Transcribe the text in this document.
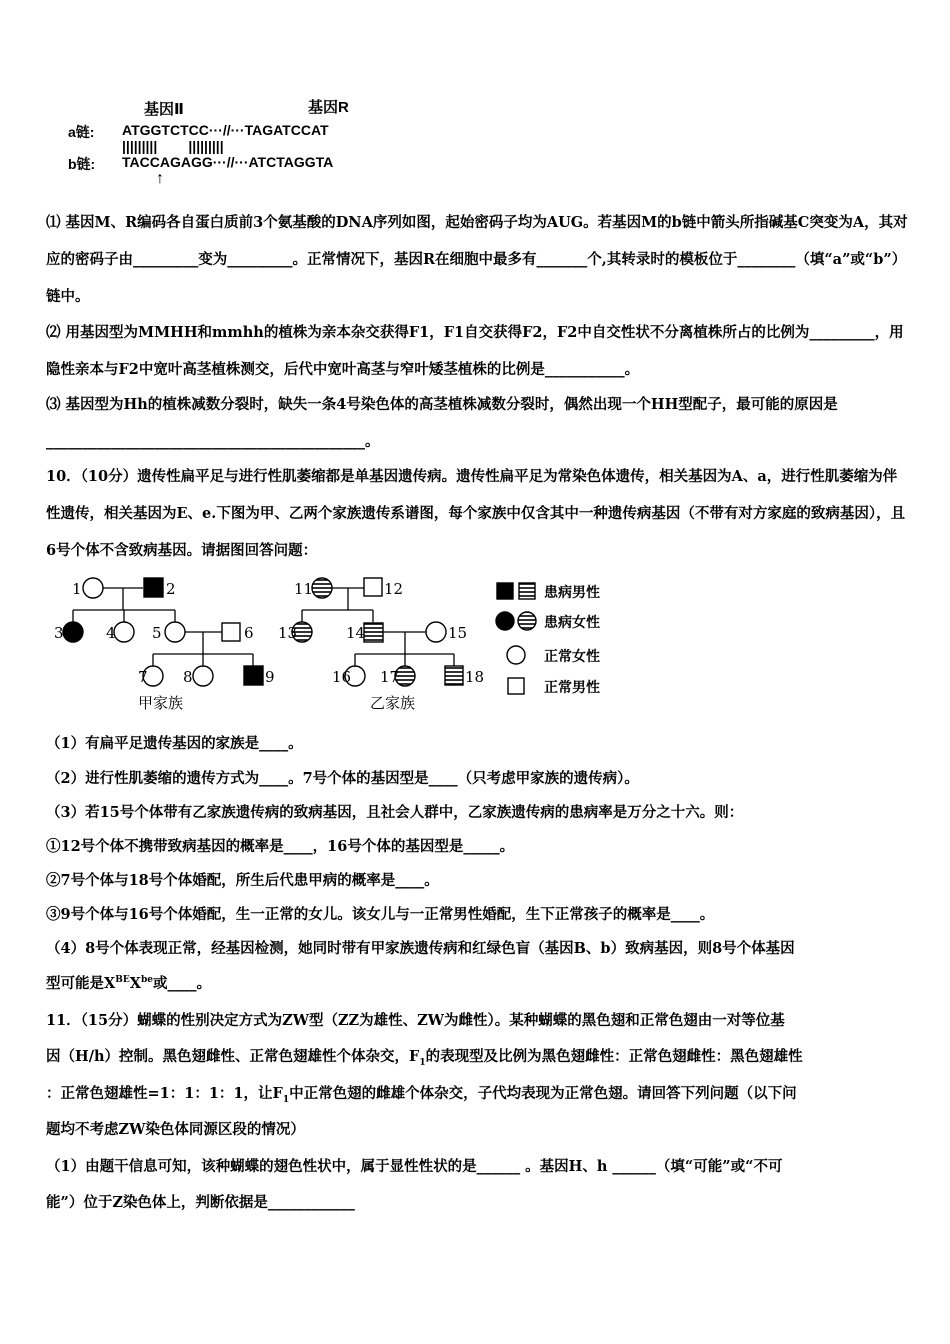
基因Ⅱ	基因R
a链: ATGGTCTCC···//···TAGATCCAT
|||||||||        |||||||||
b链: TACCAGAGG···//···ATCTAGGTA
↑
⑴ 基因M、R编码各自蛋白质前3个氨基酸的DNA序列如图，起始密码子均为AUG。若基因M的b链中箭头所指碱基C突变为A，其对应的密码子由_________变为_________。正常情况下，基因R在细胞中最多有_______个,其转录时的模板位于________（填“a”或“b”）链中。
⑵ 用基因型为MMHH和mmhh的植株为亲本杂交获得F1，F1自交获得F2，F2中自交性状不分离植株所占的比例为_________，用隐性亲本与F2中宽叶高茎植株测交，后代中宽叶高茎与窄叶矮茎植株的比例是___________。
⑶ 基因型为Hh的植株减数分裂时，缺失一条4号染色体的高茎植株减数分裂时，偶然出现一个HH型配子，最可能的原因是____________________________________________。
10．（10分）遗传性扁平足与进行性肌萎缩都是单基因遗传病。遗传性扁平足为常染色体遗传，相关基因为A、a，进行性肌萎缩为伴性遗传，相关基因为E、e.下图为甲、乙两个家族遗传系谱图，每个家族中仅含其中一种遗传病基因（不带有对方家庭的致病基因），且6号个体不含致病基因。请据图回答问题：
1	2
3	4 5	6
7 8	9
11	12
13	14	15
16 17	18
甲家族	乙家族
患病男性
患病女性
正常女性
正常男性
（1）有扁平足遗传基因的家族是____。
（2）进行性肌萎缩的遗传方式为____。7号个体的基因型是____（只考虑甲家族的遗传病）。
（3）若15号个体带有乙家族遗传病的致病基因，且社会人群中，乙家族遗传病的患病率是万分之十六。则：
①12号个体不携带致病基因的概率是____，16号个体的基因型是_____。
②7号个体与18号个体婚配，所生后代患甲病的概率是____。
③9号个体与16号个体婚配，生一正常的女儿。该女儿与一正常男性婚配，生下正常孩子的概率是____。
（4）8号个体表现正常，经基因检测，她同时带有甲家族遗传病和红绿色盲（基因B、b）致病基因，则8号个体基因
型可能是$X^{BE}X^{be}$或____。
11．（15分）蝴蝶的性别决定方式为ZW型（ZZ为雄性、ZW为雌性）。某种蝴蝶的黑色翅和正常色翅由一对等位基
因（H/h）控制。黑色翅雌性、正常色翅雄性个体杂交，$F_1$的表现型及比例为黑色翅雌性：正常色翅雌性：黑色翅雄性
：正常色翅雄性=1：1：1：1，让$F_1$中正常色翅的雌雄个体杂交，子代均表现为正常色翅。请回答下列问题（以下问
题均不考虑ZW染色体同源区段的情况）
（1）由题干信息可知，该种蝴蝶的翅色性状中，属于显性性状的是______ 。基因H、h ______（填“可能”或“不可
能”）位于Z染色体上，判断依据是____________
